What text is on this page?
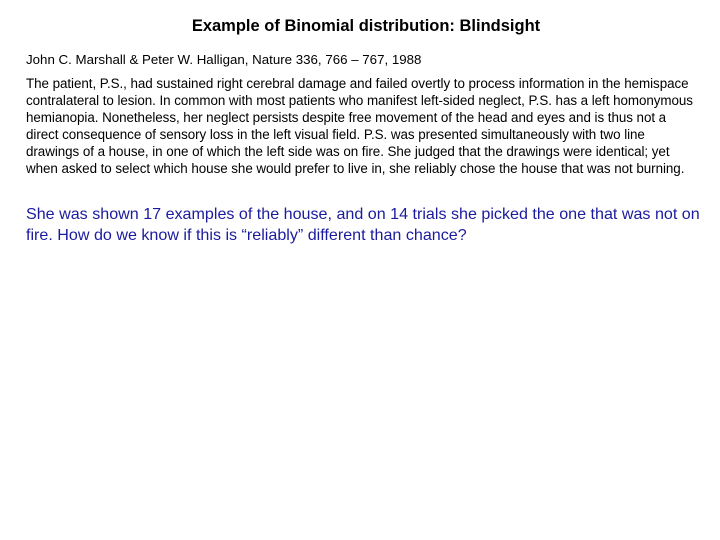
Example of Binomial distribution: Blindsight
John C. Marshall & Peter W. Halligan, Nature 336, 766 – 767, 1988
The patient, P.S., had sustained right cerebral damage and failed overtly to process information in the hemispace contralateral to lesion. In common with most patients who manifest left-sided neglect, P.S. has a left homonymous hemianopia. Nonetheless, her neglect persists despite free movement of the head and eyes and is thus not a direct consequence of sensory loss in the left visual field. P.S. was presented simultaneously with two line drawings of a house, in one of which the left side was on fire. She judged that the drawings were identical; yet when asked to select which house she would prefer to live in, she reliably chose the house that was not burning.
She was shown 17 examples of the house, and on 14 trials she picked the one that was not on fire. How do we know if this is “reliably” different than chance?
